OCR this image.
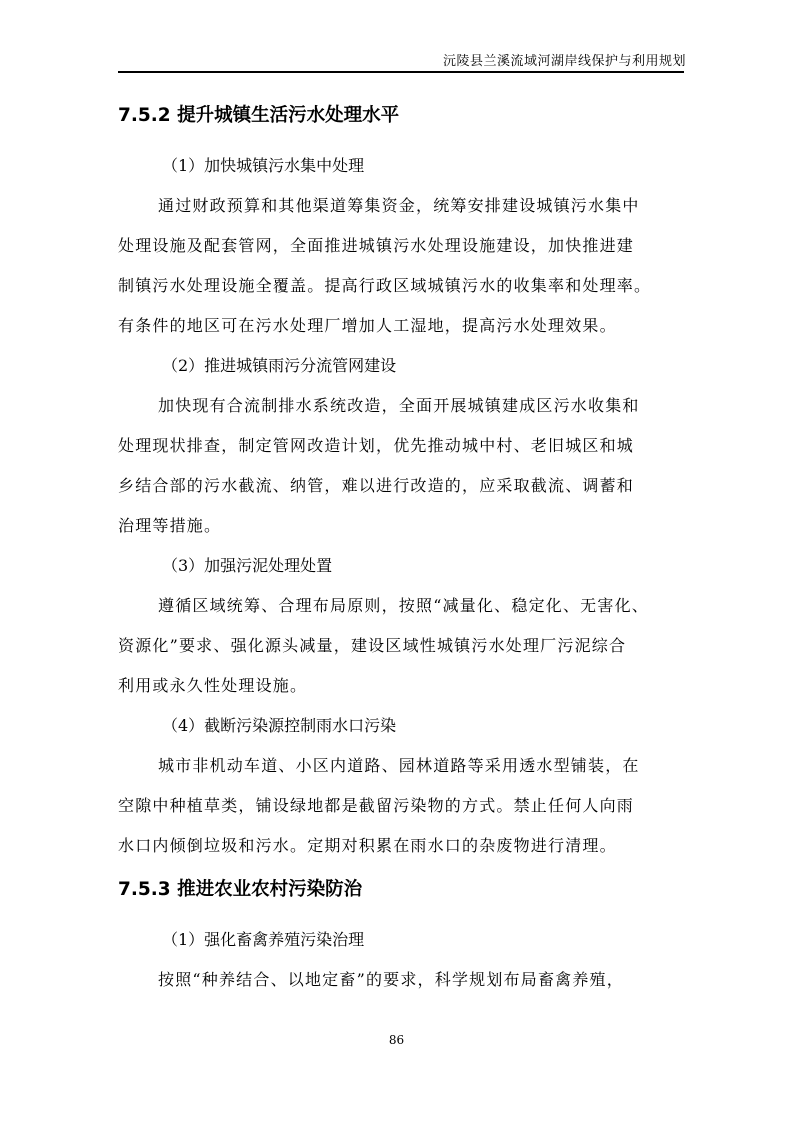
沅陵县兰溪流域河湖岸线保护与利用规划
7.5.2 提升城镇生活污水处理水平

（1）加快城镇污水集中处理

通过财政预算和其他渠道筹集资金，统筹安排建设城镇污水集中
处理设施及配套管网，全面推进城镇污水处理设施建设，加快推进建
制镇污水处理设施全覆盖。提高行政区域城镇污水的收集率和处理率。
有条件的地区可在污水处理厂增加人工湿地，提高污水处理效果。

（2）推进城镇雨污分流管网建设

加快现有合流制排水系统改造，全面开展城镇建成区污水收集和
处理现状排查，制定管网改造计划，优先推动城中村、老旧城区和城
乡结合部的污水截流、纳管，难以进行改造的，应采取截流、调蓄和
治理等措施。

（3）加强污泥处理处置

遵循区域统筹、合理布局原则，按照“减量化、稳定化、无害化、
资源化”要求、强化源头减量，建设区域性城镇污水处理厂污泥综合
利用或永久性处理设施。

（4）截断污染源控制雨水口污染

城市非机动车道、小区内道路、园林道路等采用透水型铺装，在
空隙中种植草类，铺设绿地都是截留污染物的方式。禁止任何人向雨
水口内倾倒垃圾和污水。定期对积累在雨水口的杂废物进行清理。

7.5.3 推进农业农村污染防治

（1）强化畜禽养殖污染治理

按照“种养结合、以地定畜”的要求，科学规划布局畜禽养殖，

86
